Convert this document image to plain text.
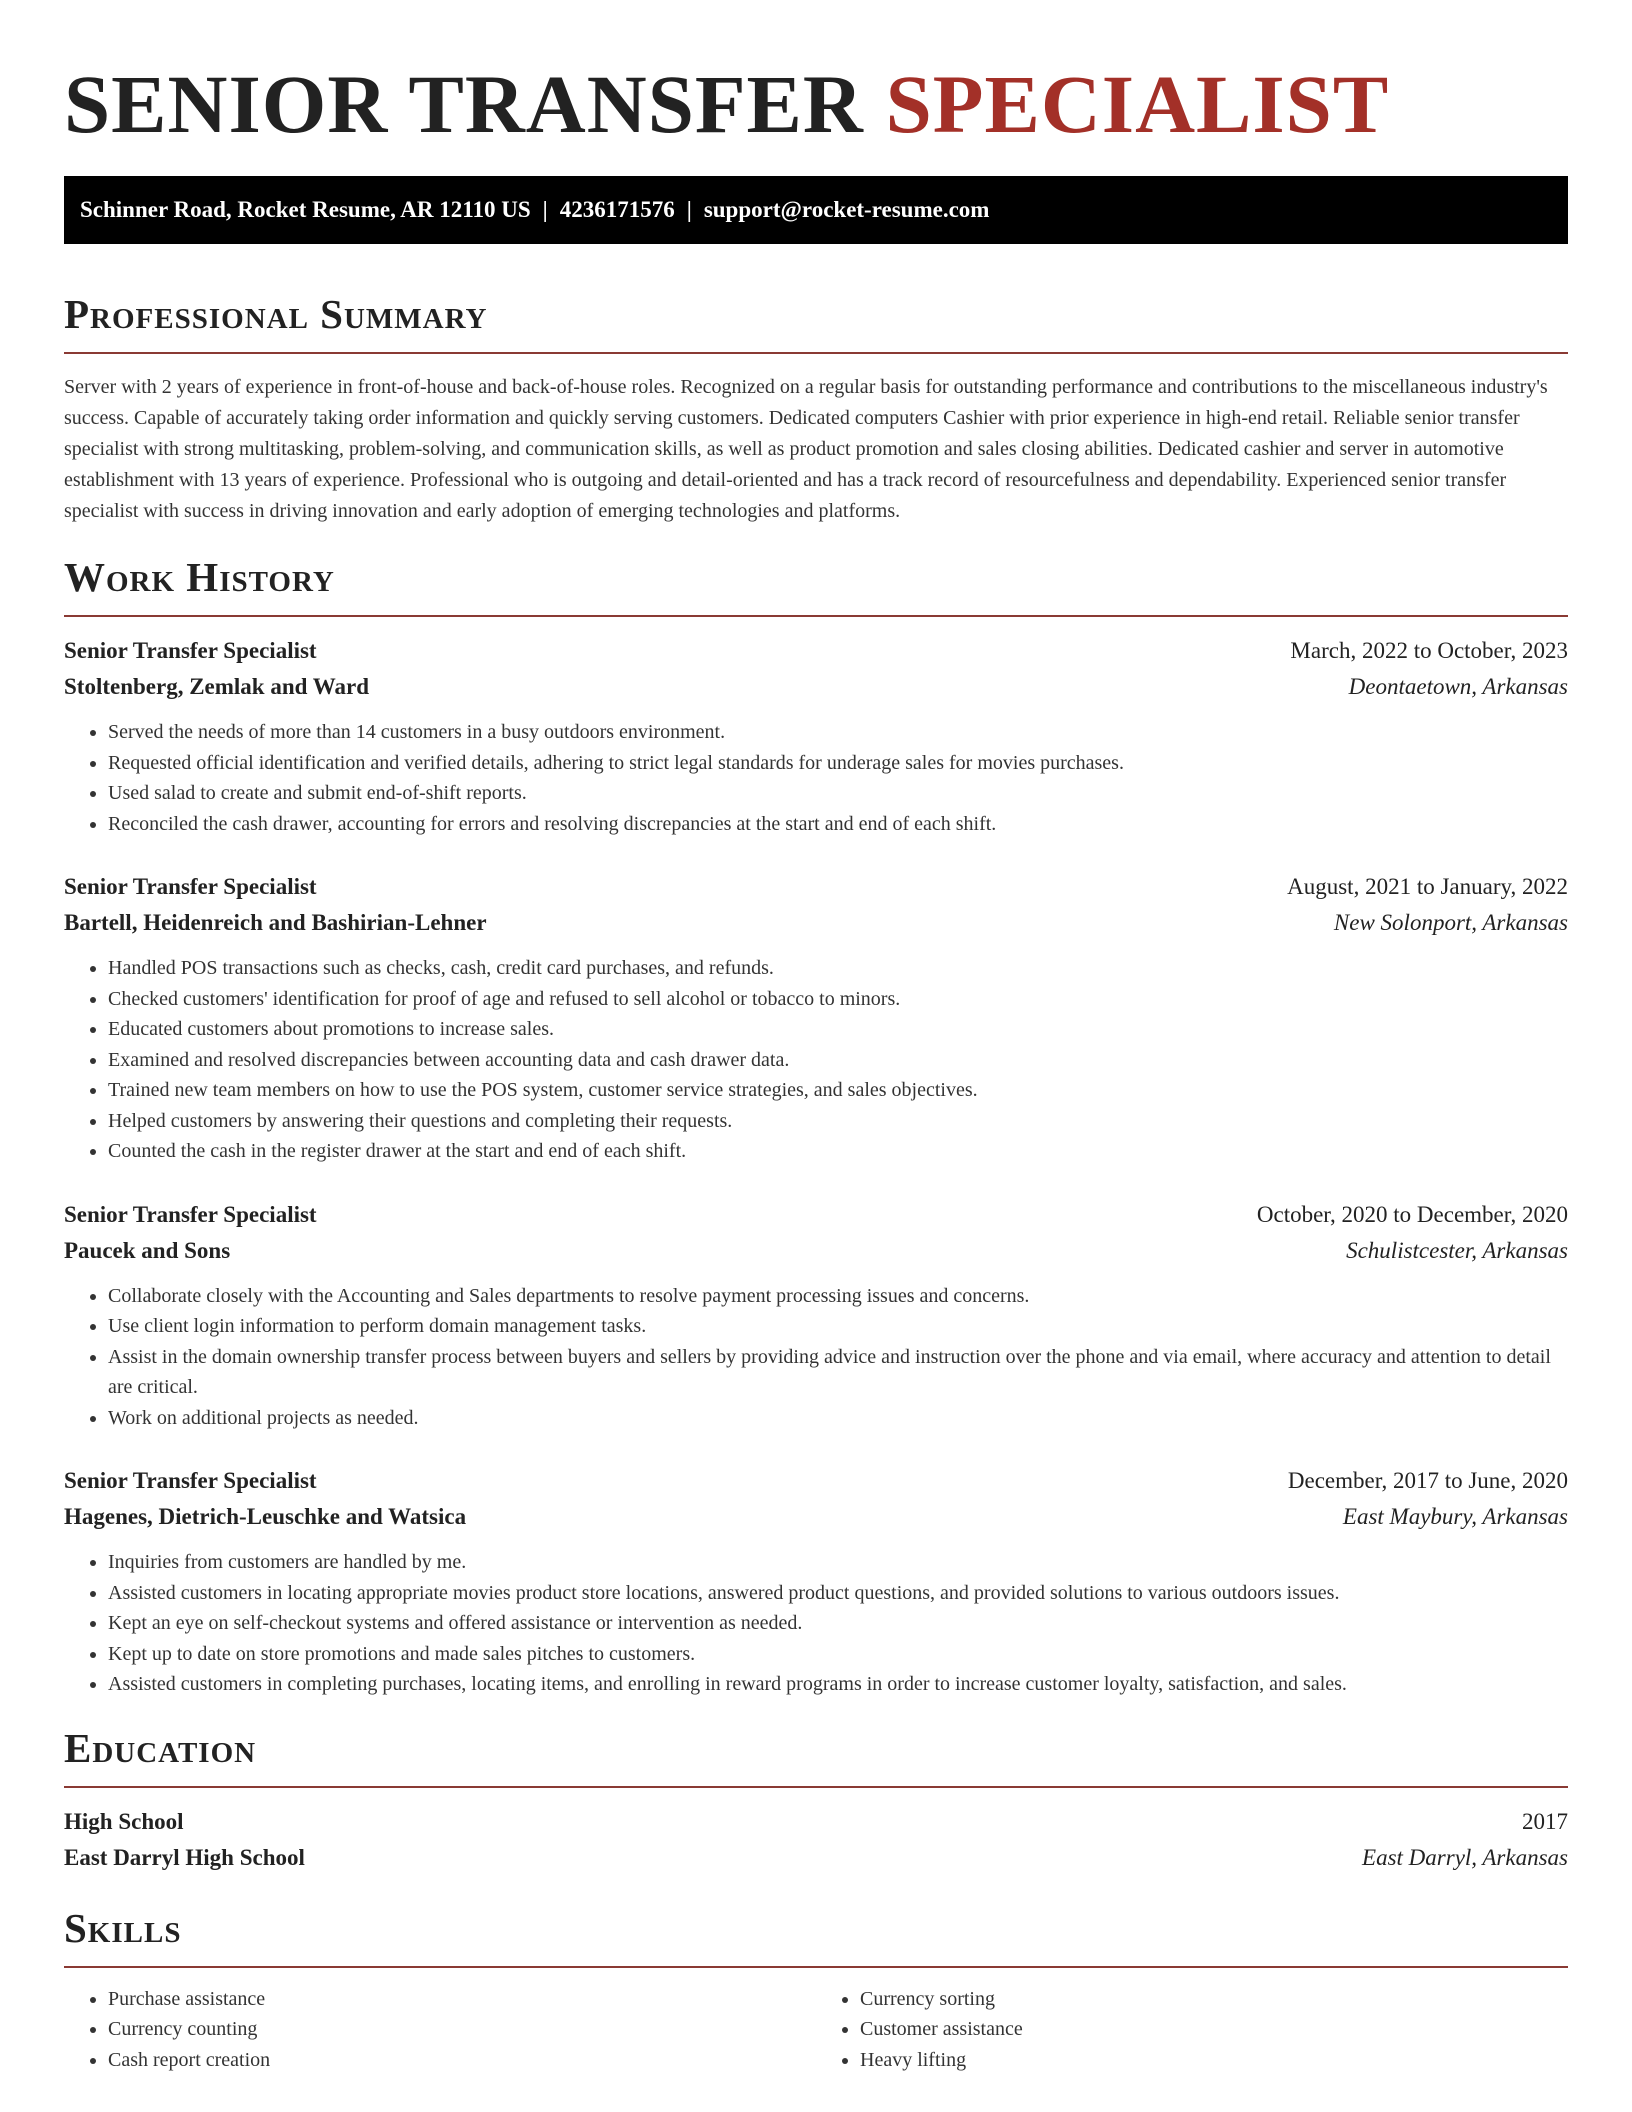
SENIOR TRANSFER SPECIALIST
Schinner Road, Rocket Resume, AR 12110 US | 4236171576 | support@rocket-resume.com
Professional Summary

Server with 2 years of experience in front-of-house and back-of-house roles. Recognized on a regular basis for outstanding performance and contributions to the miscellaneous industry's success. Capable of accurately taking order information and quickly serving customers. Dedicated computers Cashier with prior experience in high-end retail. Reliable senior transfer specialist with strong multitasking, problem-solving, and communication skills, as well as product promotion and sales closing abilities. Dedicated cashier and server in automotive establishment with 13 years of experience. Professional who is outgoing and detail-oriented and has a track record of resourcefulness and dependability. Experienced senior transfer specialist with success in driving innovation and early adoption of emerging technologies and platforms.

Work History
Senior Transfer Specialist	March, 2022 to October, 2023
Stoltenberg, Zemlak and Ward	Deontaetown, Arkansas
• Served the needs of more than 14 customers in a busy outdoors environment.
• Requested official identification and verified details, adhering to strict legal standards for underage sales for movies purchases.
• Used salad to create and submit end-of-shift reports.
• Reconciled the cash drawer, accounting for errors and resolving discrepancies at the start and end of each shift.
Senior Transfer Specialist	August, 2021 to January, 2022
Bartell, Heidenreich and Bashirian-Lehner	New Solonport, Arkansas
• Handled POS transactions such as checks, cash, credit card purchases, and refunds.
• Checked customers' identification for proof of age and refused to sell alcohol or tobacco to minors.
• Educated customers about promotions to increase sales.
• Examined and resolved discrepancies between accounting data and cash drawer data.
• Trained new team members on how to use the POS system, customer service strategies, and sales objectives.
• Helped customers by answering their questions and completing their requests.
• Counted the cash in the register drawer at the start and end of each shift.
Senior Transfer Specialist	October, 2020 to December, 2020
Paucek and Sons	Schulistcester, Arkansas
• Collaborate closely with the Accounting and Sales departments to resolve payment processing issues and concerns.
• Use client login information to perform domain management tasks.
• Assist in the domain ownership transfer process between buyers and sellers by providing advice and instruction over the phone and via email, where accuracy and attention to detail are critical.
• Work on additional projects as needed.
Senior Transfer Specialist	December, 2017 to June, 2020
Hagenes, Dietrich-Leuschke and Watsica	East Maybury, Arkansas
• Inquiries from customers are handled by me.
• Assisted customers in locating appropriate movies product store locations, answered product questions, and provided solutions to various outdoors issues.
• Kept an eye on self-checkout systems and offered assistance or intervention as needed.
• Kept up to date on store promotions and made sales pitches to customers.
• Assisted customers in completing purchases, locating items, and enrolling in reward programs in order to increase customer loyalty, satisfaction, and sales.
Education
High School	2017
East Darryl High School	East Darryl, Arkansas
Skills
• Purchase assistance
• Currency counting
• Cash report creation
• Currency sorting
• Customer assistance
• Heavy lifting
